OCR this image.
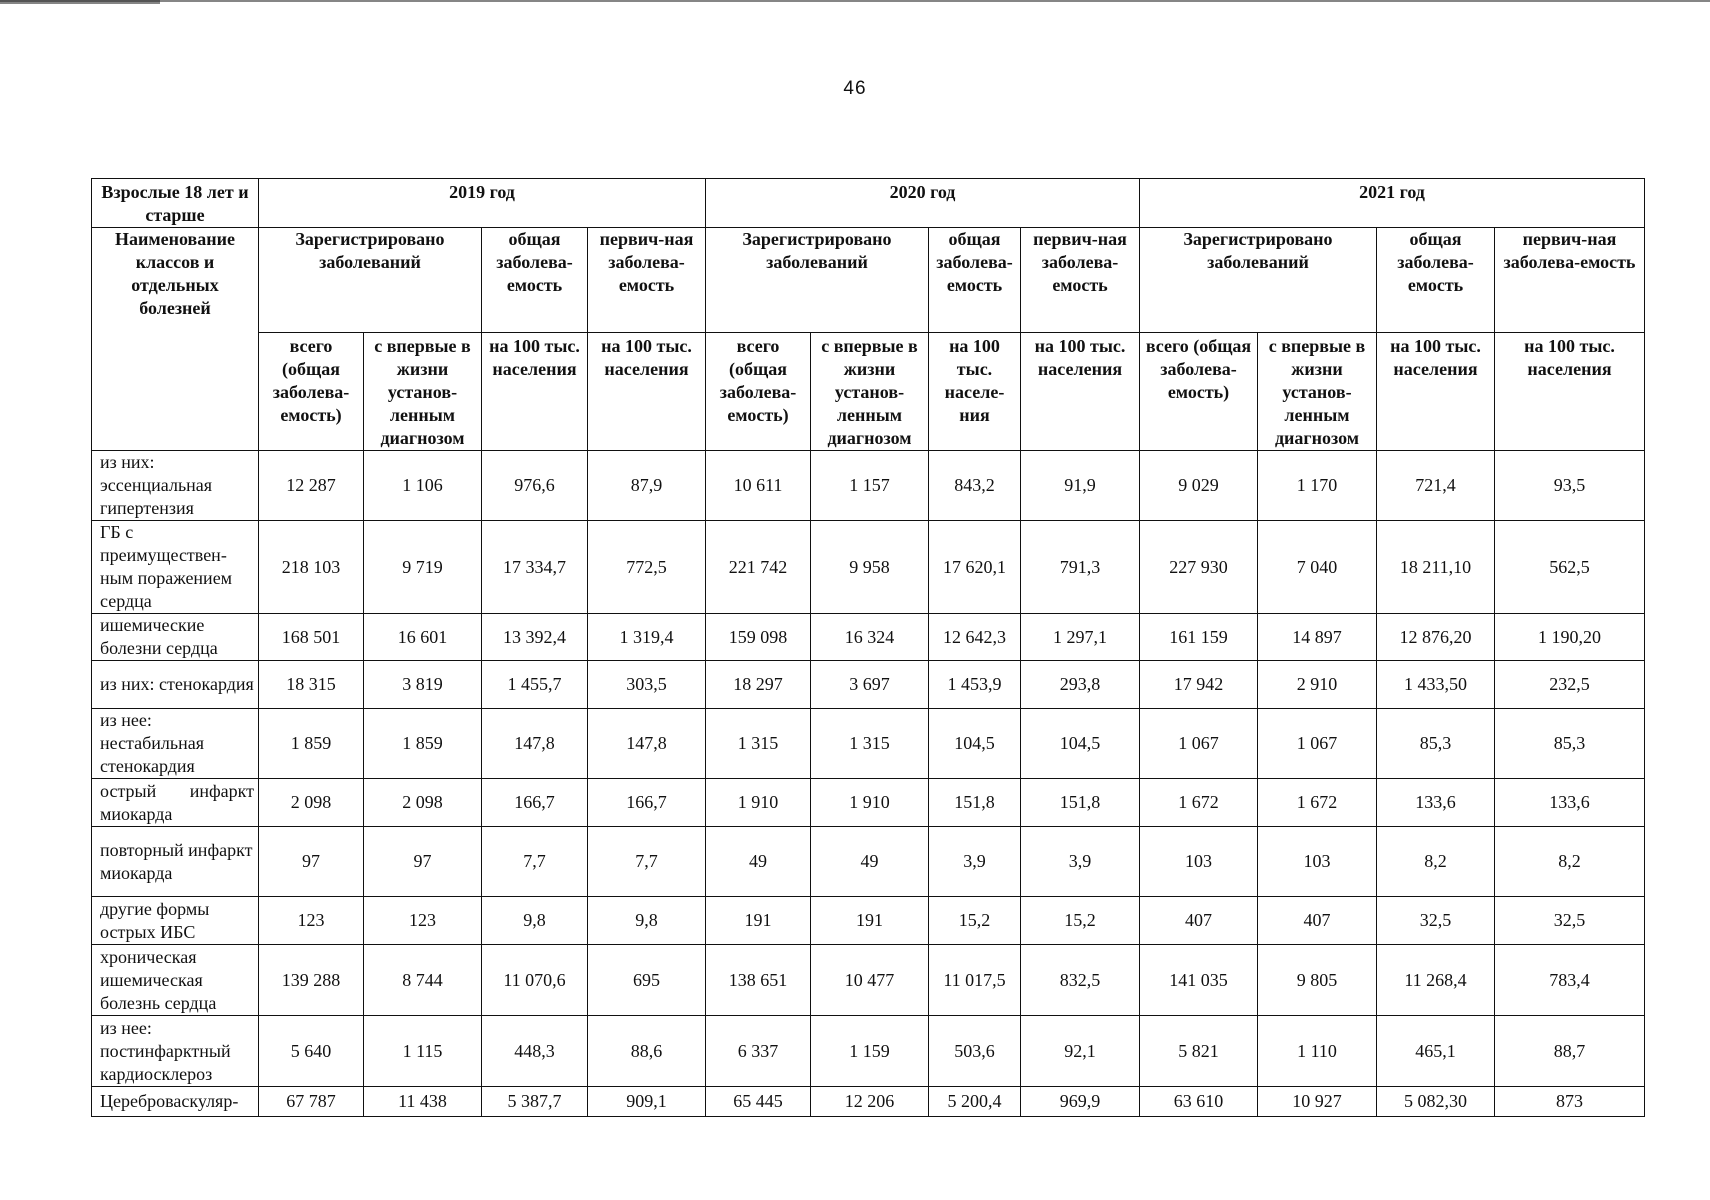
46
Взрослые 18 лет и старше	2019 год				2020 год				2021 год			

Наименование классов и отдельных болезней	Зарегистрировано заболеваний		общая заболева-емость	первич-ная заболева-емость	Зарегистрировано заболеваний		общая заболева-емость	первич-ная заболева-емость	Зарегистрировано заболеваний		общая заболева-емость	первич-ная заболева-емость

	всего (общая заболева-емость)	с впервые в жизни установ-ленным диагнозом	на 100 тыс. населения	на 100 тыс. населения	всего (общая заболева-емость)	с впервые в жизни установ-ленным диагнозом	на 100 тыс. населе-ния	на 100 тыс. населения	всего (общая заболева-емость)	с впервые в жизни установ-ленным диагнозом	на 100 тыс. населения	на 100 тыс. населения

из них: эссенциальная гипертензия	12 287	1 106	976,6	87,9	10 611	1 157	843,2	91,9	9 029	1 170	721,4	93,5
ГБ с преимуществен-ным поражением сердца	218 103	9 719	17 334,7	772,5	221 742	9 958	17 620,1	791,3	227 930	7 040	18 211,10	562,5
ишемические болезни сердца	168 501	16 601	13 392,4	1 319,4	159 098	16 324	12 642,3	1 297,1	161 159	14 897	12 876,20	1 190,20
из них: стенокардия	18 315	3 819	1 455,7	303,5	18 297	3 697	1 453,9	293,8	17 942	2 910	1 433,50	232,5
из нее: нестабильная стенокардия	1 859	1 859	147,8	147,8	1 315	1 315	104,5	104,5	1 067	1 067	85,3	85,3
острый инфаркт миокарда	2 098	2 098	166,7	166,7	1 910	1 910	151,8	151,8	1 672	1 672	133,6	133,6
повторный инфаркт миокарда	97	97	7,7	7,7	49	49	3,9	3,9	103	103	8,2	8,2
другие формы острых ИБС	123	123	9,8	9,8	191	191	15,2	15,2	407	407	32,5	32,5
хроническая ишемическая болезнь сердца	139 288	8 744	11 070,6	695	138 651	10 477	11 017,5	832,5	141 035	9 805	11 268,4	783,4
из нее: постинфарктный кардиосклероз	5 640	1 115	448,3	88,6	6 337	1 159	503,6	92,1	5 821	1 110	465,1	88,7
Цереброваскуляр-	67 787	11 438	5 387,7	909,1	65 445	12 206	5 200,4	969,9	63 610	10 927	5 082,30	873
